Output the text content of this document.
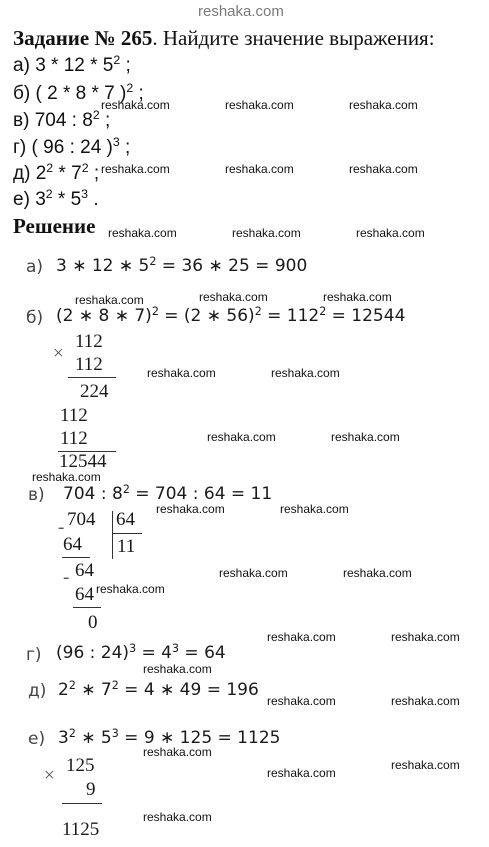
reshaka.com
Задание № 265. Найдите значение выражения:
а) $3 * 12 * 5^2$ ;
б) ( 2 * 8 * 7 )$^2$ ;
в) 704 : $8^2$ ;
г) ( 96 : 24 )$^3$ ;
д) $2^2 * 7^2$ ;
е) $3^2 * 5^3$ .
Решение
а) 3 ∗ 12 ∗ $5^2 = 36$ ∗ 25 = 900
б) (2 ∗ 8 ∗ 7)$^2$ = (2 ∗ $56)^2 = 112^2 = 12544$
×
112
112
224
112
112
12544
в) 704 : $8^2 = 704$ : 64 = 11
- 704 64
11
64
- 64
64
0
г) (96 : $24)^3 = 4^3 = 64$
д) $2^2$ ∗ $7^2 = 4$ ∗ 49 = 196
е) $3^2$ ∗ $5^3 = 9$ ∗ 125 = 1125
× 125
9
1125
reshaka.com	reshaka.com	reshaka.com
reshaka.com	reshaka.com	reshaka.com
reshaka.com	reshaka.com	reshaka.com
reshaka.com	reshaka.com	reshaka.com
reshaka.com	reshaka.com
reshaka.com	reshaka.com
reshaka.com
reshaka.com	reshaka.com
reshaka.com	reshaka.com
reshaka.com
reshaka.com	reshaka.com
reshaka.com
reshaka.com	reshaka.com
reshaka.com
reshaka.com
reshaka.com
reshaka.com
